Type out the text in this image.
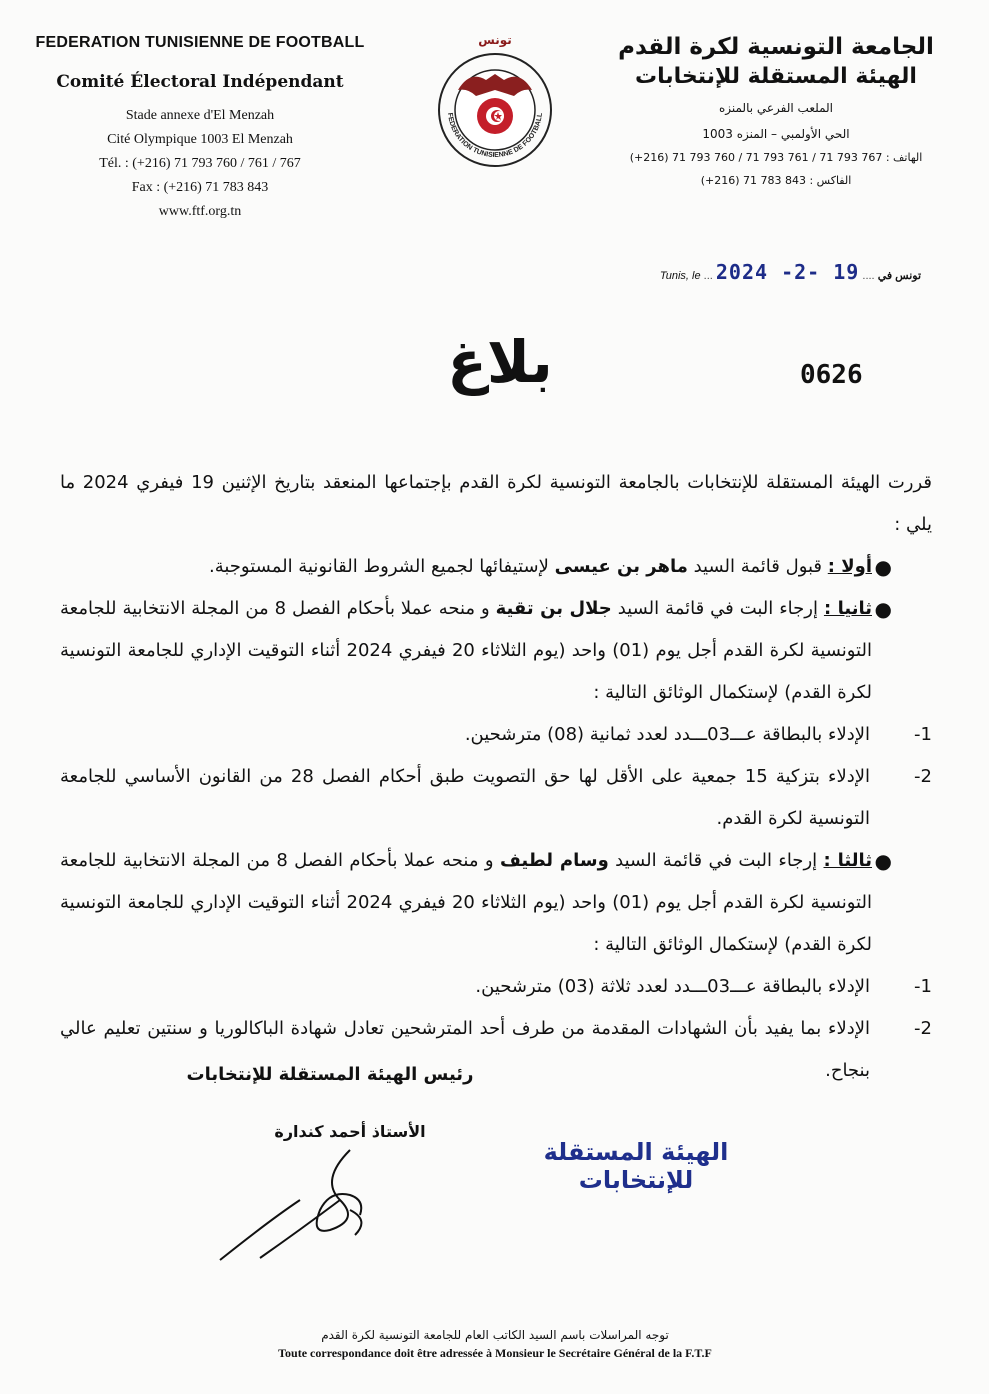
FEDERATION TUNISIENNE DE FOOTBALL
Comité Électoral Indépendant
Stade annexe d'El Menzah
Cité Olympique 1003 El Menzah
Tél. : (+216) 71 793 760 / 761 / 767
Fax : (+216) 71 783 843
www.ftf.org.tn
تونس
FEDERATION TUNISIENNE DE FOOTBALL
الجامعة التونسية لكرة القدم
الهيئة المستقلة للإنتخابات
الملعب الفرعي بالمنزه
الحي الأولمبي – المنزه 1003
الهاتف : (+216) 71 793 760 / 71 793 761 / 71 793 767
الفاكس : (+216) 71 783 843
Tunis, le ... 2024 -2- 19 .... تونس في
بلاغ	0626

قررت الهيئة المستقلة للإنتخابات بالجامعة التونسية لكرة القدم بإجتماعها المنعقد بتاريخ الإثنين 19 فيفري 2024 ما يلي :

●
أولا : قبول قائمة السيد ماهر بن عيسى لإستيفائها لجميع الشروط القانونية المستوجبة.
●
ثانيا : إرجاء البت في قائمة السيد جلال بن تقية و منحه عملا بأحكام الفصل 8 من المجلة الانتخابية للجامعة التونسية لكرة القدم أجل يوم (01) واحد (يوم الثلاثاء 20 فيفري 2024 أثناء التوقيت الإداري للجامعة التونسية لكرة القدم) لإستكمال الوثائق التالية :
1-
الإدلاء بالبطاقة عـــ03ـــدد لعدد ثمانية (08) مترشحين.
2-
الإدلاء بتزكية 15 جمعية على الأقل لها حق التصويت طبق أحكام الفصل 28 من القانون الأساسي للجامعة التونسية لكرة القدم.
●
ثالثا : إرجاء البت في قائمة السيد وسام لطيف و منحه عملا بأحكام الفصل 8 من المجلة الانتخابية للجامعة التونسية لكرة القدم أجل يوم (01) واحد (يوم الثلاثاء 20 فيفري 2024 أثناء التوقيت الإداري للجامعة التونسية لكرة القدم) لإستكمال الوثائق التالية :
1-
الإدلاء بالبطاقة عـــ03ـــدد لعدد ثلاثة (03) مترشحين.
2-
الإدلاء بما يفيد بأن الشهادات المقدمة من طرف أحد المترشحين تعادل شهادة الباكالوريا و سنتين تعليم عالي بنجاح.
رئيس الهيئة المستقلة للإنتخابات
الأستاذ أحمد كندارة
الهيئة المستقلة للإنتخابات
توجه المراسلات باسم السيد الكاتب العام للجامعة التونسية لكرة القدم
Toute correspondance doit être adressée à Monsieur le Secrétaire Général de la F.T.F
